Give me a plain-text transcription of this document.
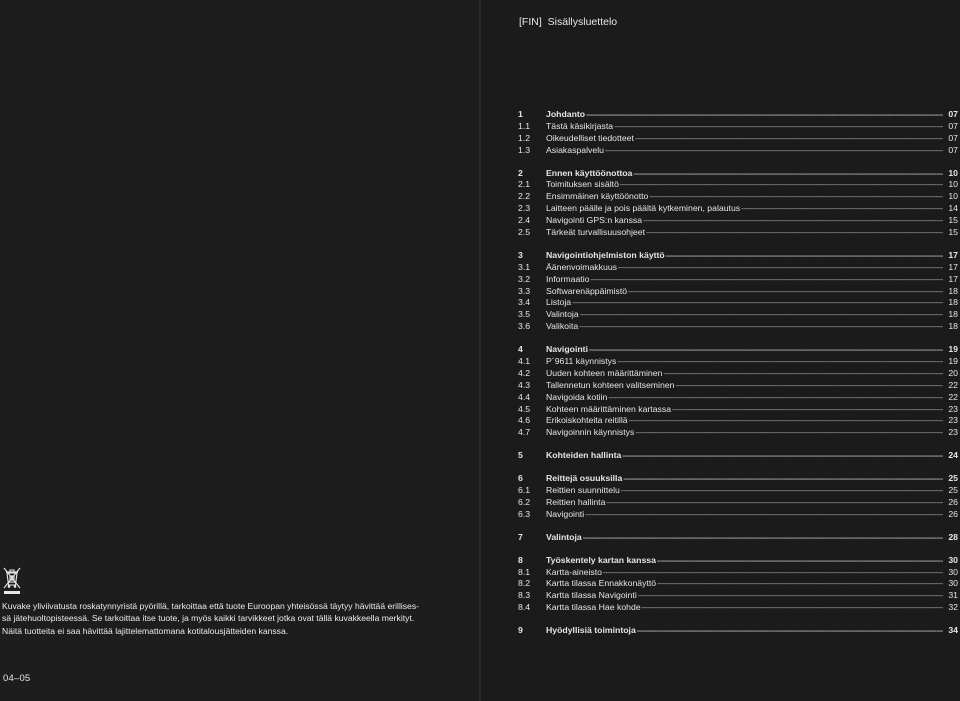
Kuvake yliviivatusta roskatynnyristä pyörillä, tarkoittaa että tuote Euroopan yhteisössä täytyy hävittää erillises-

sä jätehuoltopisteessä. Se tarkoittaa itse tuote, ja myös kaikki tarvikkeet jotka ovat tällä kuvakkeella merkityt.

Näitä tuotteita ei saa hävittää lajittelemattomana kotitalousjätteiden kanssa.

04–05
[FIN] Sisällysluettelo
1	Johdanto -----	07
1.1	Tästä käsikirjasta -----	07
1.2	Oikeudelliset tiedotteet -----	07
1.3	Asiakaspalvelu -----	07
2	Ennen käyttöönottoa -----	10
2.1	Toimituksen sisältö -----	10
2.2	Ensimmäinen käyttöönotto -----	10
2.3	Laitteen päälle ja pois päältä kytkeminen, palautus -----	14
2.4	Navigointi GPS:n kanssa -----	15
2.5	Tärkeät turvallisuusohjeet -----	15
3	Navigointiohjelmiston käyttö -----	17
3.1	Äänenvoimakkuus -----	17
3.2	Informaatio -----	17
3.3	Softwarenäppäimistö -----	18
3.4	Listoja -----	18
3.5	Valintoja -----	18
3.6	Valikoita -----	18
4	Navigointi -----	19
4.1	P´9611 käynnistys -----	19
4.2	Uuden kohteen määrittäminen -----	20
4.3	Tallennetun kohteen valitseminen -----	22
4.4	Navigoida kotiin -----	22
4.5	Kohteen määrittäminen kartassa -----	23
4.6	Erikoiskohteita reitillä -----	23
4.7	Navigoinnin käynnistys -----	23
5	Kohteiden hallinta -----	24
6	Reittejä osuuksilla -----	25
6.1	Reittien suunnittelu -----	25
6.2	Reittien hallinta -----	26
6.3	Navigointi -----	26
7	Valintoja -----	28
8	Työskentely kartan kanssa -----	30
8.1	Kartta-aineisto -----	30
8.2	Kartta tilassa Ennakkonäyttö -----	30
8.3	Kartta tilassa Navigointi -----	31
8.4	Kartta tilassa Hae kohde -----	32
9	Hyödyllisiä toimintoja -----	34
